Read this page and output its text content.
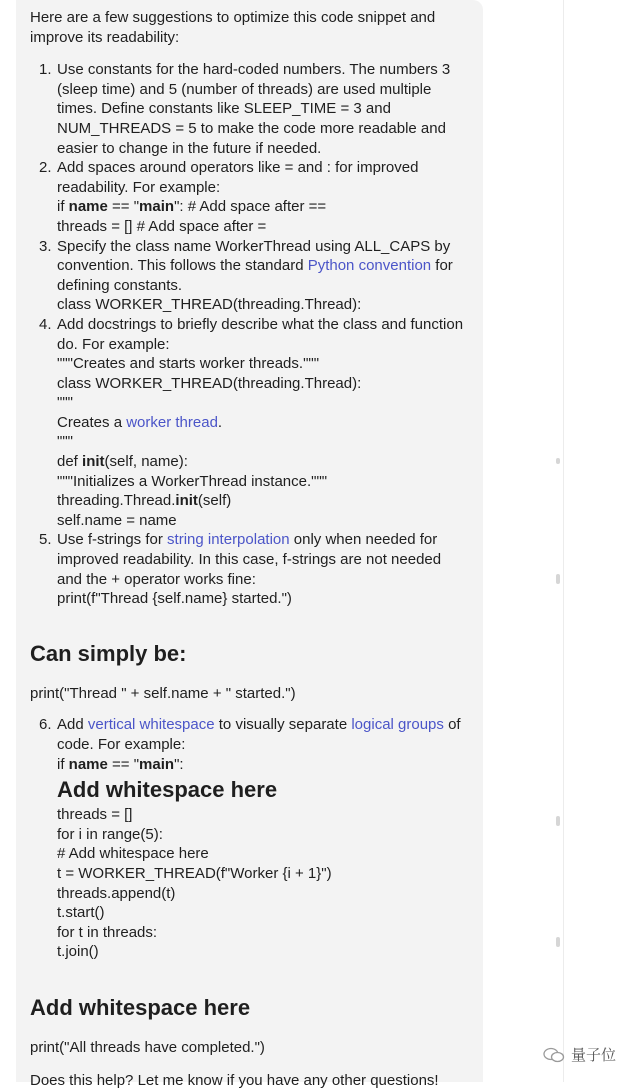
Here are a few suggestions to optimize this code snippet and improve its readability:
1. Use constants for the hard-coded numbers. The numbers 3
(sleep time) and 5 (number of threads) are used multiple
times. Define constants like SLEEP_TIME = 3 and
NUM_THREADS = 5 to make the code more readable and
easier to change in the future if needed.
2. Add spaces around operators like = and : for improved
readability. For example:
if name == "main": # Add space after ==
threads = [] # Add space after =
3. Specify the class name WorkerThread using ALL_CAPS by
convention. This follows the standard Python convention for
defining constants.
class WORKER_THREAD(threading.Thread):
4. Add docstrings to briefly describe what the class and function
do. For example:
"""Creates and starts worker threads."""
class WORKER_THREAD(threading.Thread):
"""
Creates a worker thread.
"""
def init(self, name):
"""Initializes a WorkerThread instance."""
threading.Thread.init(self)
self.name = name
5. Use f-strings for string interpolation only when needed for
improved readability. In this case, f-strings are not needed
and the + operator works fine:
print(f"Thread {self.name} started.")
Can simply be:
print("Thread " + self.name + " started.")
6. Add vertical whitespace to visually separate logical groups of
code. For example:
if name == "main":
Add whitespace here
threads = []
for i in range(5):
# Add whitespace here
t = WORKER_THREAD(f"Worker {i + 1}")
threads.append(t)
t.start()
for t in threads:
t.join()
Add whitespace here
print("All threads have completed.")
Does this help? Let me know if you have any other questions!
量子位
